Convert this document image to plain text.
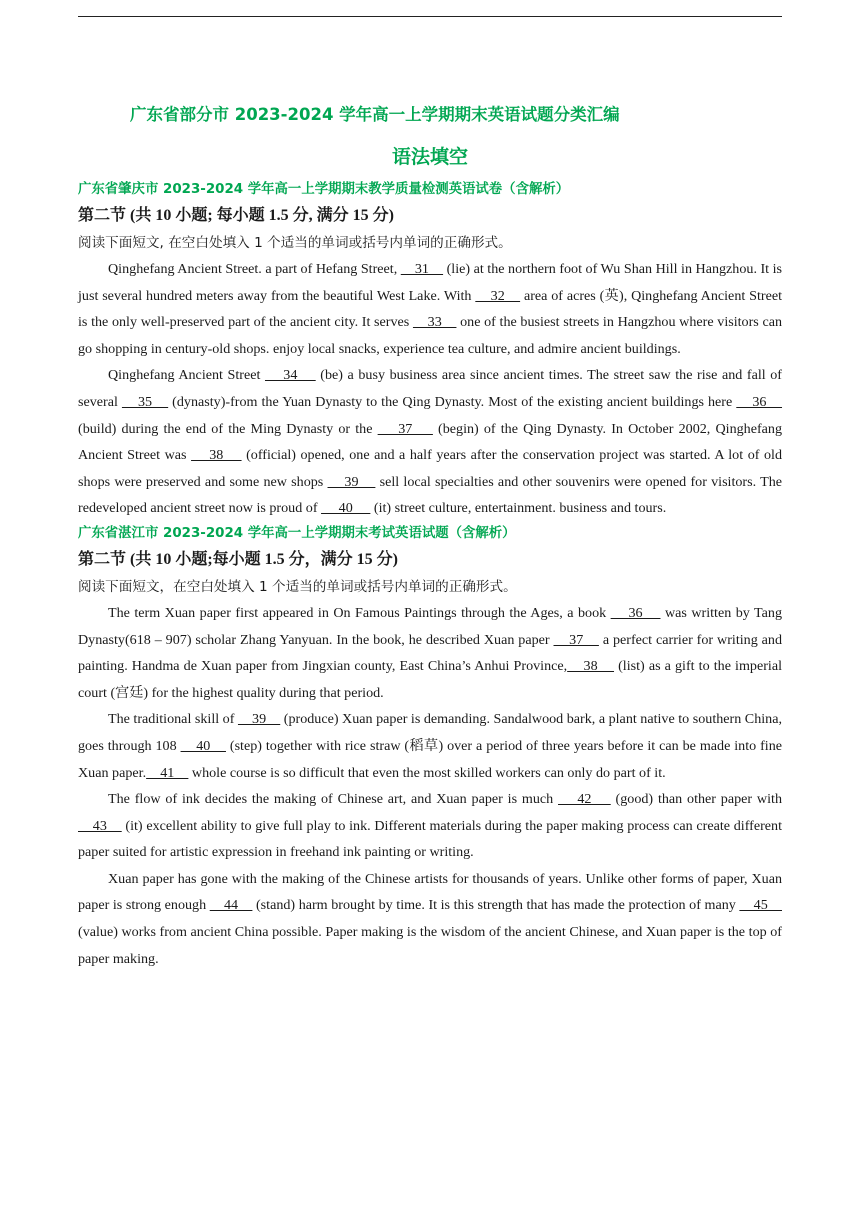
广东省部分市 2023-2024 学年高一上学期期末英语试题分类汇编
语法填空
广东省肇庆市 2023-2024 学年高一上学期期末教学质量检测英语试卷（含解析）
第二节 (共 10 小题; 每小题 1.5 分, 满分 15 分)
阅读下面短文, 在空白处填入 1 个适当的单词或括号内单词的正确形式。

Qinghefang Ancient Street. a part of Hefang Street,     31     (lie) at the northern foot of Wu Shan Hill in Hangzhou. It is just several hundred meters away from the beautiful West Lake. With     32     area of acres (英), Qinghefang Ancient Street is the only well-preserved part of the ancient city. It serves     33     one of the busiest streets in Hangzhou where visitors can go shopping in century-old shops. enjoy local snacks, experience tea culture, and admire ancient buildings.

Qinghefang Ancient Street     34     (be) a busy business area since ancient times. The street saw the rise and fall of several     35     (dynasty)-from the Yuan Dynasty to the Qing Dynasty. Most of the existing ancient buildings here     36     (build) during the end of the Ming Dynasty or the     37     (begin) of the Qing Dynasty. In October 2002, Qinghefang Ancient Street was     38     (official) opened, one and a half years after the conservation project was started. A lot of old shops were preserved and some new shops     39     sell local specialties and other souvenirs were opened for visitors. The redeveloped ancient street now is proud of      40      (it) street culture, entertainment. business and tours.

广东省湛江市 2023-2024 学年高一上学期期末考试英语试题（含解析）
第二节 (共 10 小题;每小题 1.5 分，满分 15 分)
阅读下面短文，在空白处填入 1 个适当的单词或括号内单词的正确形式。

The term Xuan paper first appeared in On Famous Paintings through the Ages, a book     36     was written by Tang Dynasty(618 – 907) scholar Zhang Yanyuan. In the book, he described Xuan paper     37     a perfect carrier for writing and painting. Handma de Xuan paper from Jingxian county, East China’s Anhui Province,    38     (list) as a gift to the imperial court (宫廷) for the highest quality during that period.

The traditional skill of     39     (produce) Xuan paper is demanding. Sandalwood bark, a plant native to southern China, goes through 108     40     (step) together with rice straw (稻草) over a period of three years before it can be made into fine Xuan paper.    41     whole course is so difficult that even the most skilled workers can only do part of it.

The flow of ink decides the making of Chinese art, and Xuan paper is much     42     (good) than other paper with     43     (it) excellent ability to give full play to ink. Different materials during the paper making process can create different paper suited for artistic expression in freehand ink painting or writing.

Xuan paper has gone with the making of the Chinese artists for thousands of years. Unlike other forms of paper, Xuan paper is strong enough     44     (stand) harm brought by time. It is this strength that has made the protection of many     45     (value) works from ancient China possible. Paper making is the wisdom of the ancient Chinese, and Xuan paper is the top of paper making.
